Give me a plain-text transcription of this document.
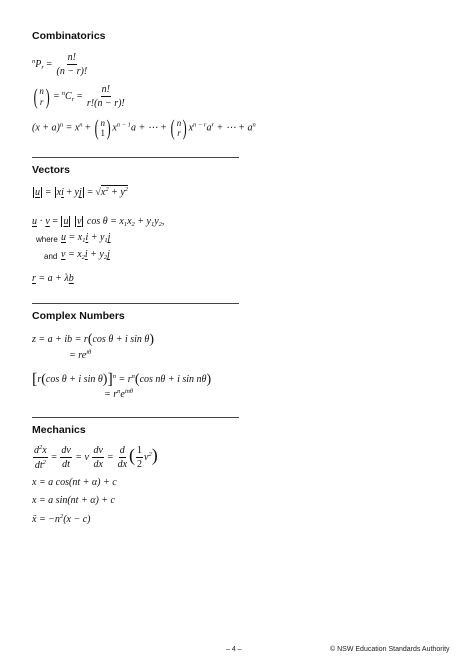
Combinatorics
$^nP_r = \frac{n!}{(n - r)!}$
( n
r ) = $^nC_r = \frac{n!}{r!(n - r)!}$
$(x + a)^n = x^n$ + ( n
1 ) $x^{n - 1}a$ + ⋯ + ( n
r ) $x^{n - r}a^r$ + ⋯ + $a^n$
Vectors
u = xi + yj = $√x^2 + y^2$
u · v = u v $\cos \theta = x_1x_2 + y_1y_2$,
where $u = x_1i + y_1j$
and $v = x_2i + y_2j$
r = a + λb
Complex Numbers
z = a + ib = r(cos θ + i sin θ)
= $re^{i\theta}$
[r(cos θ + i $\sin \theta)]^n = r^n(\cos$ nθ + i sin nθ)
= $r^ne^{in\theta}$
Mechanics
$\frac{d^2x}{dt^2} = \frac{dv}{dt} = v \frac{dv}{dx} = \frac{d}{dx}$ ( $\frac{1}{2} v^2$)
x = a cos(nt + α) + c
x = a sin(nt + α) + c
ẍ = $-n^2(x - c)$
– 4 –	© NSW Education Standards Authority
